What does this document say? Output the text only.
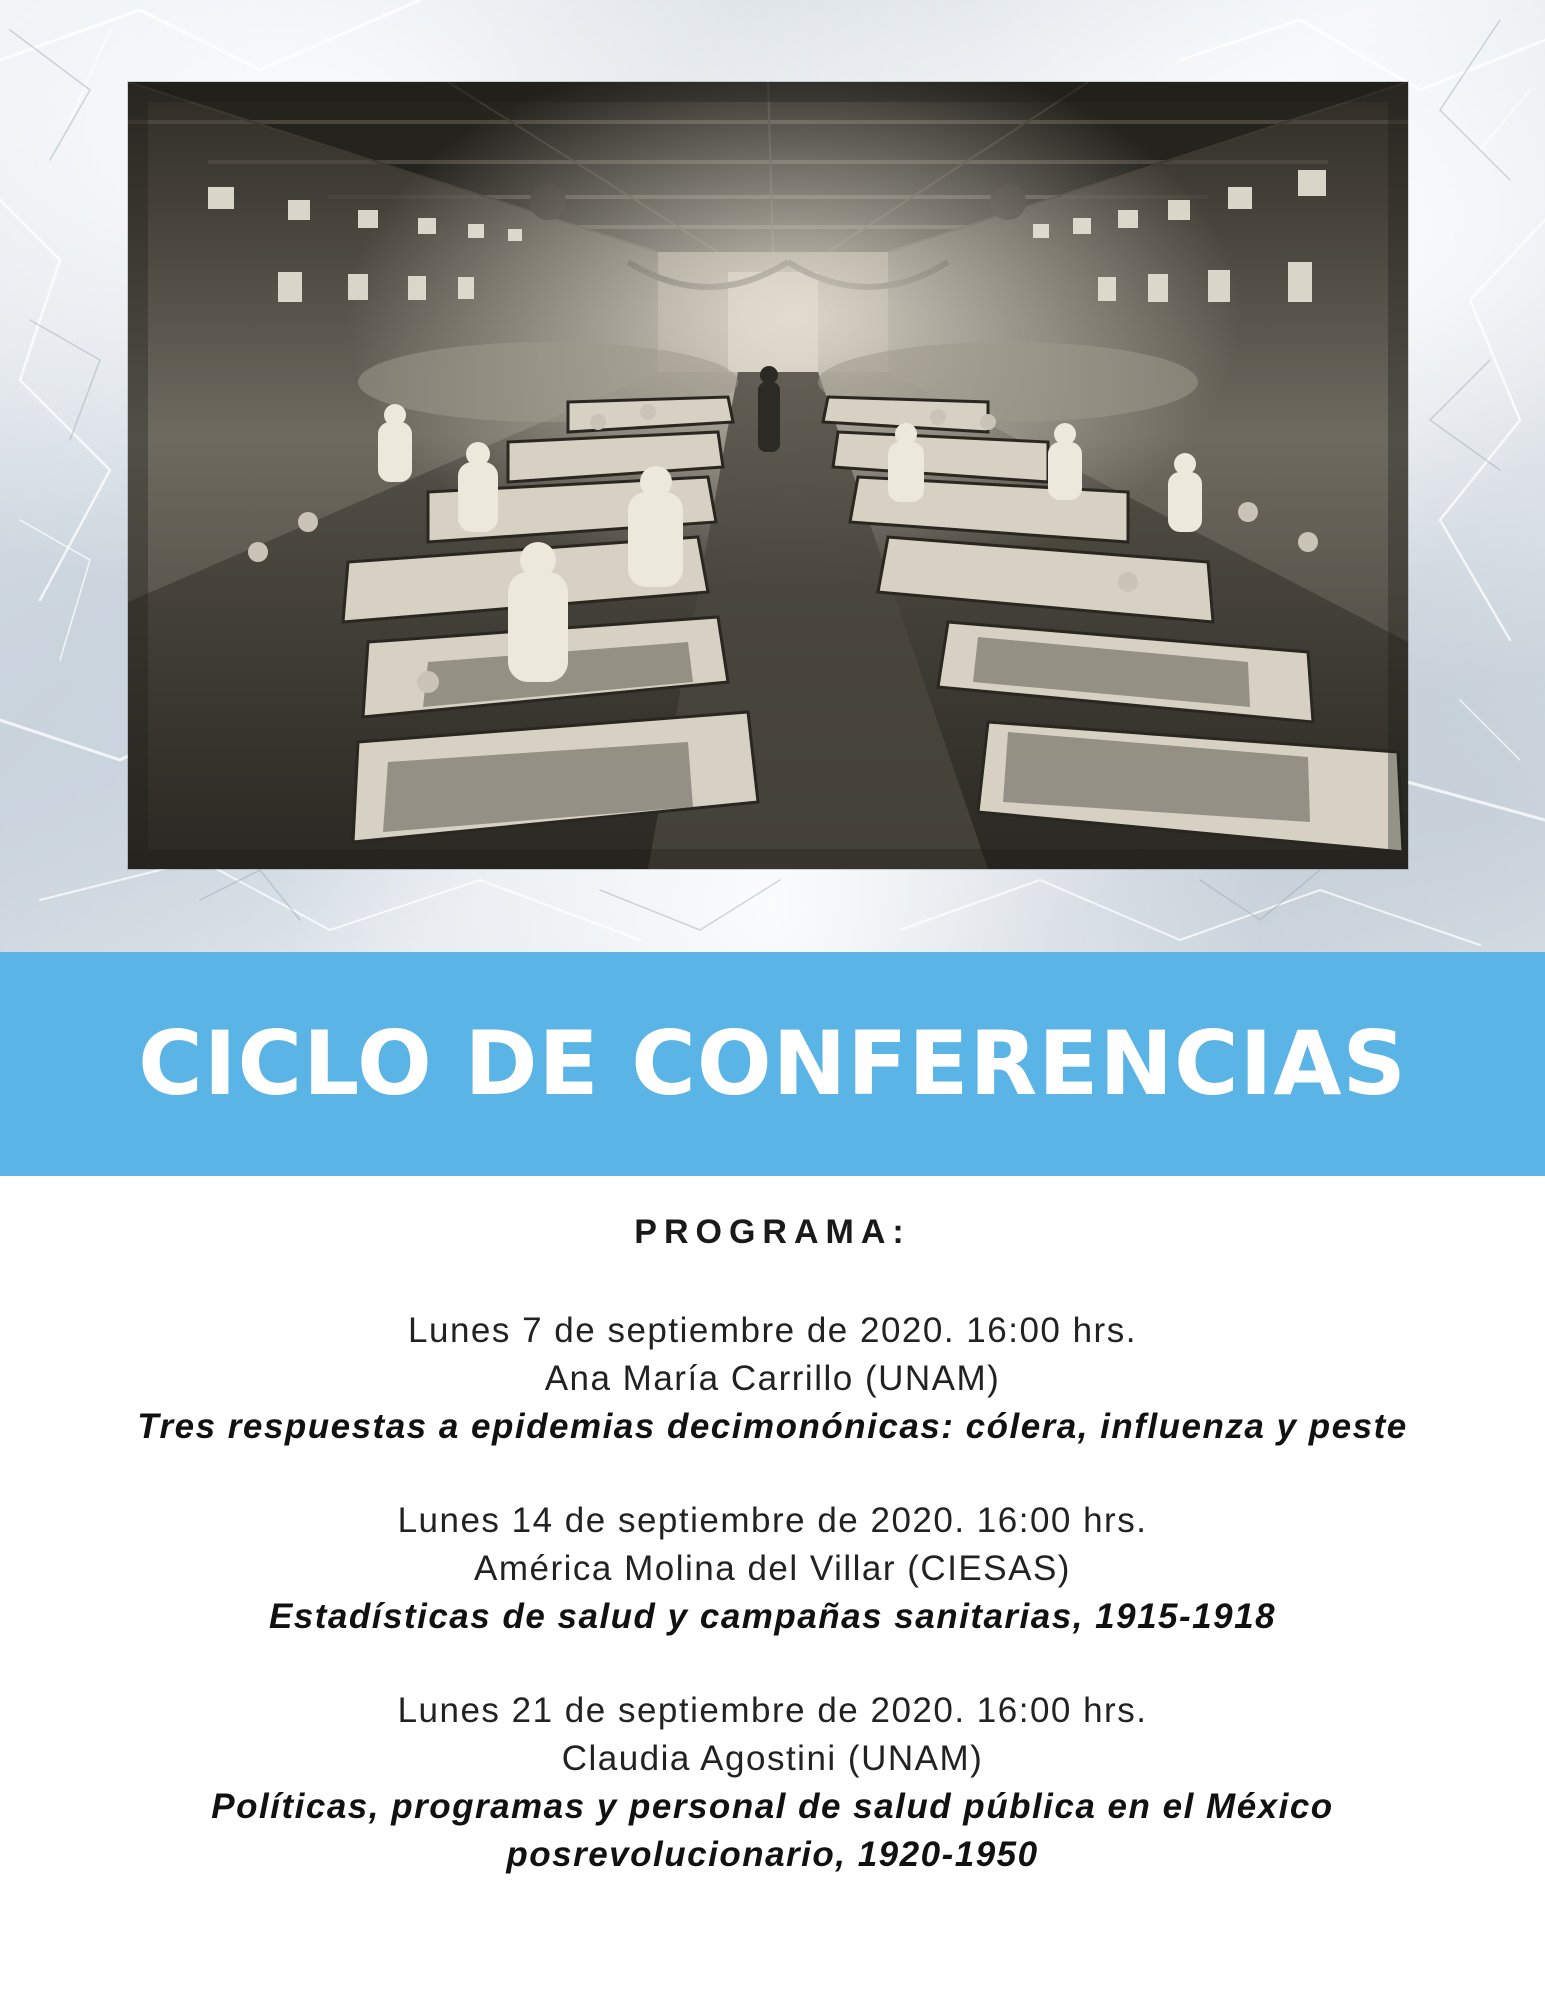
CICLO DE CONFERENCIAS
PROGRAMA:
Lunes 7 de septiembre de 2020. 16:00 hrs.
Ana María Carrillo (UNAM)
Tres respuestas a epidemias decimonónicas: cólera, influenza y peste
Lunes 14 de septiembre de 2020. 16:00 hrs.
América Molina del Villar (CIESAS)
Estadísticas de salud y campañas sanitarias, 1915-1918
Lunes 21 de septiembre de 2020. 16:00 hrs.
Claudia Agostini (UNAM)
Políticas, programas y personal de salud pública en el México posrevolucionario, 1920-1950
